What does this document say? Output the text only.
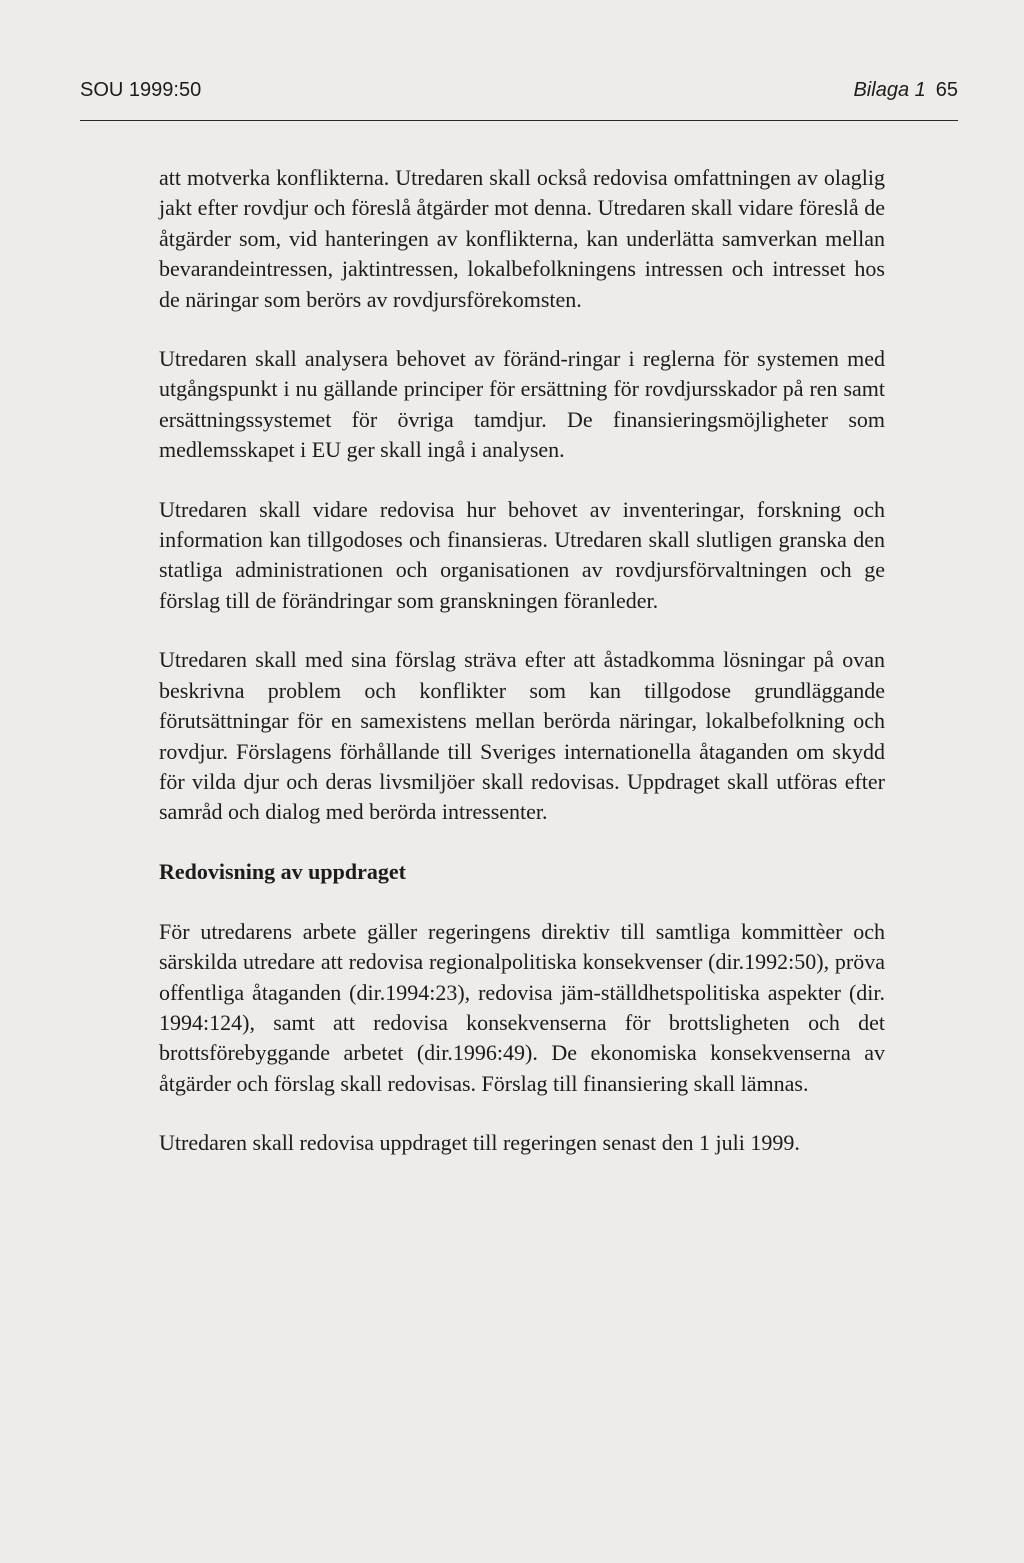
SOU 1999:50	Bilaga 1 65

att motverka konflikterna. Utredaren skall också redovisa omfattningen av olaglig jakt efter rovdjur och föreslå åtgärder mot denna. Utredaren skall vidare föreslå de åtgärder som, vid hanteringen av konflikterna, kan underlätta samverkan mellan bevarandeintressen, jaktintressen, lokalbefolkningens intressen och intresset hos de näringar som berörs av rovdjursförekomsten.

Utredaren skall analysera behovet av föränd-ringar i reglerna för systemen med utgångspunkt i nu gällande principer för ersättning för rovdjursskador på ren samt ersättningssystemet för övriga tamdjur. De finansieringsmöjligheter som medlemsskapet i EU ger skall ingå i analysen.

Utredaren skall vidare redovisa hur behovet av inventeringar, forskning och information kan tillgodoses och finansieras. Utredaren skall slutligen granska den statliga administrationen och organisationen av rovdjursförvaltningen och ge förslag till de förändringar som granskningen föranleder.

Utredaren skall med sina förslag sträva efter att åstadkomma lösningar på ovan beskrivna problem och konflikter som kan tillgodose grundläggande förutsättningar för en samexistens mellan berörda näringar, lokalbefolkning och rovdjur. Förslagens förhållande till Sveriges internationella åtaganden om skydd för vilda djur och deras livsmiljöer skall redovisas. Uppdraget skall utföras efter samråd och dialog med berörda intressenter.

Redovisning av uppdraget

För utredarens arbete gäller regeringens direktiv till samtliga kommittèer och särskilda utredare att redovisa regionalpolitiska konsekvenser (dir.1992:50), pröva offentliga åtaganden (dir.1994:23), redovisa jäm-ställdhetspolitiska aspekter (dir. 1994:124), samt att redovisa konsekvenserna för brottsligheten och det brottsförebyggande arbetet (dir.1996:49). De ekonomiska konsekvenserna av åtgärder och förslag skall redovisas. Förslag till finansiering skall lämnas.

Utredaren skall redovisa uppdraget till regeringen senast den 1 juli 1999.
